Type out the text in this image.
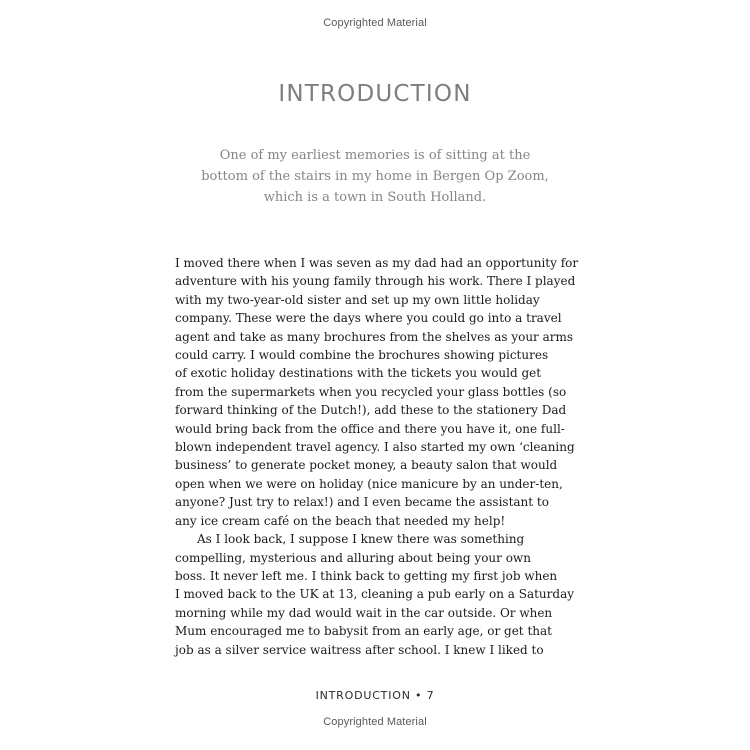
Copyrighted Material
INTRODUCTION
One of my earliest memories is of sitting at the
bottom of the stairs in my home in Bergen Op Zoom,
which is a town in South Holland.
I moved there when I was seven as my dad had an opportunity for
adventure with his young family through his work. There I played
with my two-year-old sister and set up my own little holiday
company. These were the days where you could go into a travel
agent and take as many brochures from the shelves as your arms
could carry. I would combine the brochures showing pictures
of exotic holiday destinations with the tickets you would get
from the supermarkets when you recycled your glass bottles (so
forward thinking of the Dutch!), add these to the stationery Dad
would bring back from the office and there you have it, one full-
blown independent travel agency. I also started my own ‘cleaning
business’ to generate pocket money, a beauty salon that would
open when we were on holiday (nice manicure by an under-ten,
anyone? Just try to relax!) and I even became the assistant to
any ice cream café on the beach that needed my help!
As I look back, I suppose I knew there was something
compelling, mysterious and alluring about being your own
boss. It never left me. I think back to getting my first job when
I moved back to the UK at 13, cleaning a pub early on a Saturday
morning while my dad would wait in the car outside. Or when
Mum encouraged me to babysit from an early age, or get that
job as a silver service waitress after school. I knew I liked to
INTRODUCTION • 7
Copyrighted Material
